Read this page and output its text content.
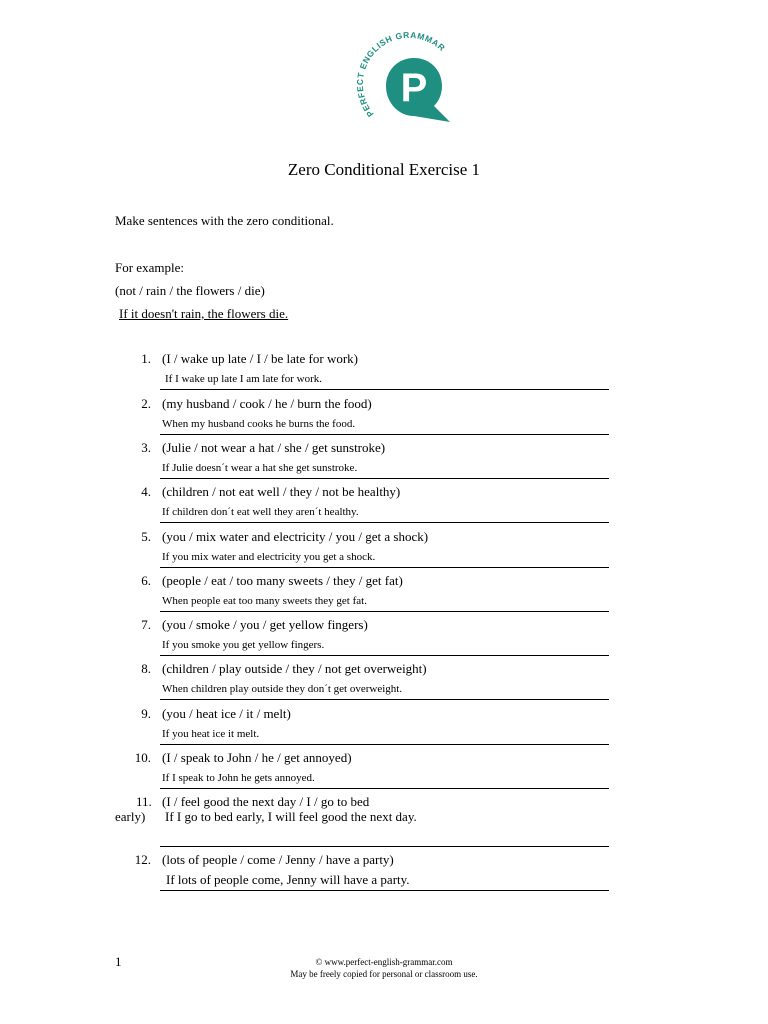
PERFECT ENGLISH GRAMMAR
P
Zero Conditional Exercise 1
Make sentences with the zero conditional.
For example:
(not / rain / the flowers / die)
If it doesn't rain, the flowers die.
1. (I / wake up late / I / be late for work)
If I wake up late I am late for work.
2. (my husband / cook / he / burn the food)
When my husband cooks he burns the food.
3. (Julie / not wear a hat / she / get sunstroke)
If Julie doesn´t wear a hat she get sunstroke.
4. (children / not eat well / they / not be healthy)
If children don´t eat well they aren´t healthy.
5. (you / mix water and electricity / you / get a shock)
If you mix water and electricity you get a shock.
6. (people / eat / too many sweets / they / get fat)
When people eat too many sweets they get fat.
7. (you / smoke / you / get yellow fingers)
If you smoke you get yellow fingers.
8. (children / play outside / they / not get overweight)
When children play outside they don´t get overweight.
9. (you / heat ice / it / melt)
If you heat ice it melt.
10. (I / speak to John / he / get annoyed)
If I speak to John he gets annoyed.
11. (I / feel good the next day / I / go to bed
early) If I go to bed early, I will feel good the next day.
12. (lots of people / come / Jenny / have a party)
If lots of people come, Jenny will have a party.
1	© www.perfect-english-grammar.com
May be freely copied for personal or classroom use.
